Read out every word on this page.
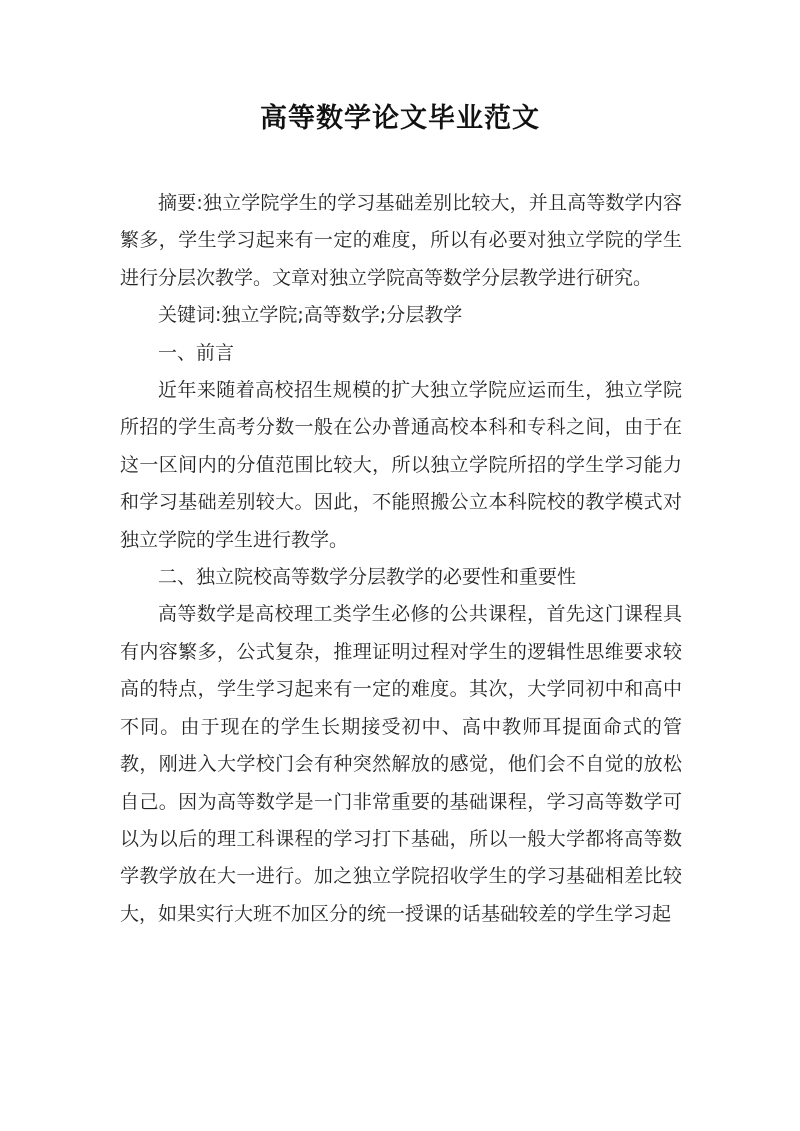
高等数学论文毕业范文

摘要:独立学院学生的学习基础差别比较大，并且高等数学内容繁多，学生学习起来有一定的难度，所以有必要对独立学院的学生进行分层次教学。文章对独立学院高等数学分层教学进行研究。

关键词:独立学院;高等数学;分层教学

一、前言

近年来随着高校招生规模的扩大独立学院应运而生，独立学院所招的学生高考分数一般在公办普通高校本科和专科之间，由于在这一区间内的分值范围比较大，所以独立学院所招的学生学习能力和学习基础差别较大。因此，不能照搬公立本科院校的教学模式对独立学院的学生进行教学。

二、独立院校高等数学分层教学的必要性和重要性

高等数学是高校理工类学生必修的公共课程，首先这门课程具有内容繁多，公式复杂，推理证明过程对学生的逻辑性思维要求较高的特点，学生学习起来有一定的难度。其次，大学同初中和高中不同。由于现在的学生长期接受初中、高中教师耳提面命式的管教，刚进入大学校门会有种突然解放的感觉，他们会不自觉的放松自己。因为高等数学是一门非常重要的基础课程，学习高等数学可以为以后的理工科课程的学习打下基础，所以一般大学都将高等数学教学放在大一进行。加之独立学院招收学生的学习基础相差比较大，如果实行大班不加区分的统一授课的话基础较差的学生学习起
